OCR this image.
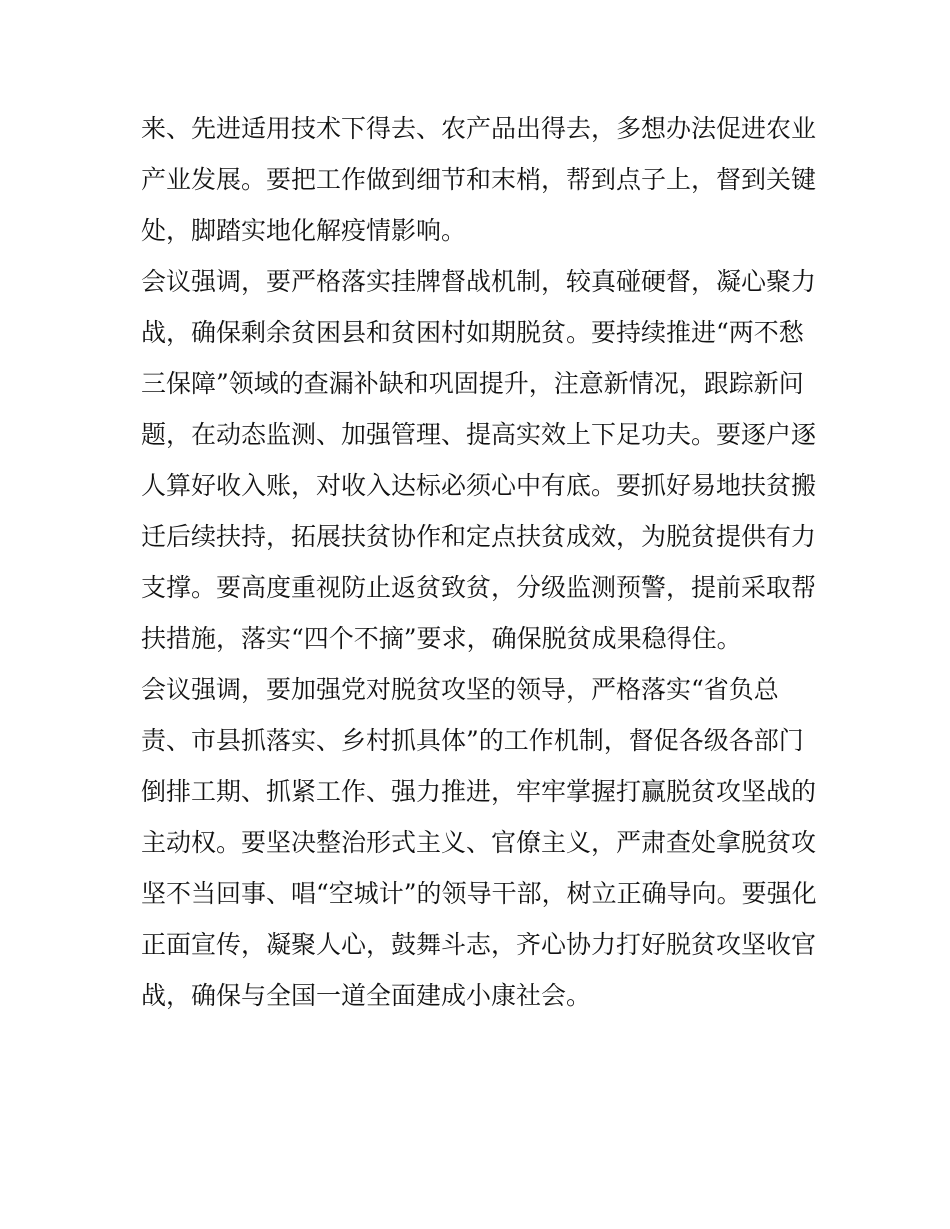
来、先进适用技术下得去、农产品出得去，多想办法促进农业

产业发展。要把工作做到细节和末梢，帮到点子上，督到关键

处，脚踏实地化解疫情影响。

会议强调，要严格落实挂牌督战机制，较真碰硬督，凝心聚力

战，确保剩余贫困县和贫困村如期脱贫。要持续推进“两不愁

三保障”领域的查漏补缺和巩固提升，注意新情况，跟踪新问

题，在动态监测、加强管理、提高实效上下足功夫。要逐户逐

人算好收入账，对收入达标必须心中有底。要抓好易地扶贫搬

迁后续扶持，拓展扶贫协作和定点扶贫成效，为脱贫提供有力

支撑。要高度重视防止返贫致贫，分级监测预警，提前采取帮

扶措施，落实“四个不摘”要求，确保脱贫成果稳得住。

会议强调，要加强党对脱贫攻坚的领导，严格落实“省负总

责、市县抓落实、乡村抓具体”的工作机制，督促各级各部门

倒排工期、抓紧工作、强力推进，牢牢掌握打赢脱贫攻坚战的

主动权。要坚决整治形式主义、官僚主义，严肃查处拿脱贫攻

坚不当回事、唱“空城计”的领导干部，树立正确导向。要强化

正面宣传，凝聚人心，鼓舞斗志，齐心协力打好脱贫攻坚收官

战，确保与全国一道全面建成小康社会。
